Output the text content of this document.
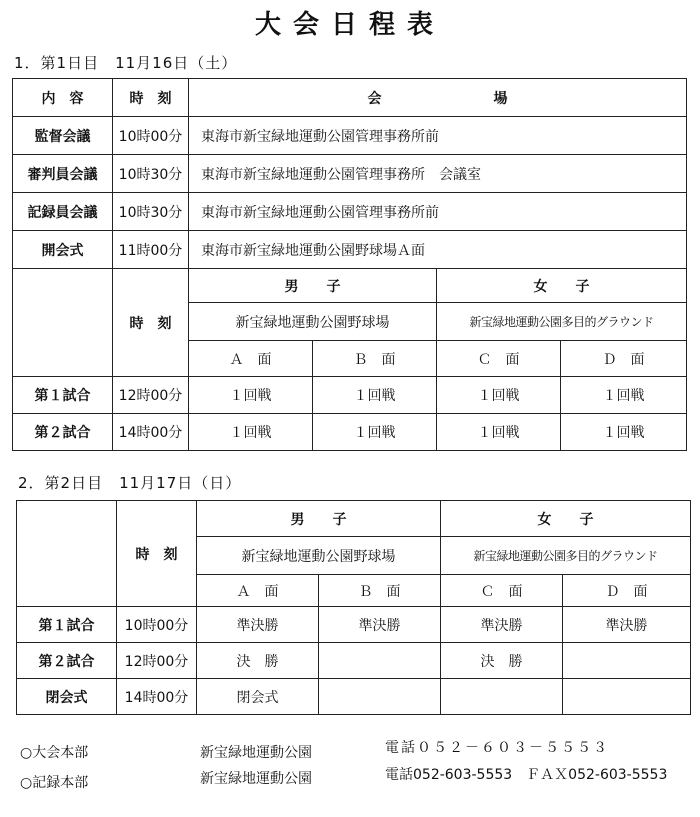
大会日程表
1．第1日目　11月16日（土）
内　容	時　刻	会　　　　　　　　場			
監督会議	10時00分	東海市新宝緑地運動公園管理事務所前			
審判員会議	10時30分	東海市新宝緑地運動公園管理事務所　会議室			
記録員会議	10時30分	東海市新宝緑地運動公園管理事務所前			
開会式	11時00分	東海市新宝緑地運動公園野球場Ａ面			
	時　刻	男　　子		女　　子	
		新宝緑地運動公園野球場		新宝緑地運動公園多目的グラウンド	
		Ａ　面	Ｂ　面	Ｃ　面	Ｄ　面
第１試合	12時00分	１回戦	１回戦	１回戦	１回戦
第２試合	14時00分	１回戦	１回戦	１回戦	１回戦
2．第2日目　11月17日（日）
	時　刻	男　　子		女　　子	
		新宝緑地運動公園野球場		新宝緑地運動公園多目的グラウンド	
		Ａ　面	Ｂ　面	Ｃ　面	Ｄ　面
第１試合	10時00分	準決勝	準決勝	準決勝	準決勝
第２試合	12時00分	決　勝		決　勝	
閉会式	14時00分	閉会式			
○大会本部	新宝緑地運動公園	電話０５２－６０３－５５５３
○記録本部	新宝緑地運動公園	電話052-603-5553　ＦＡＸ052-603-5553
